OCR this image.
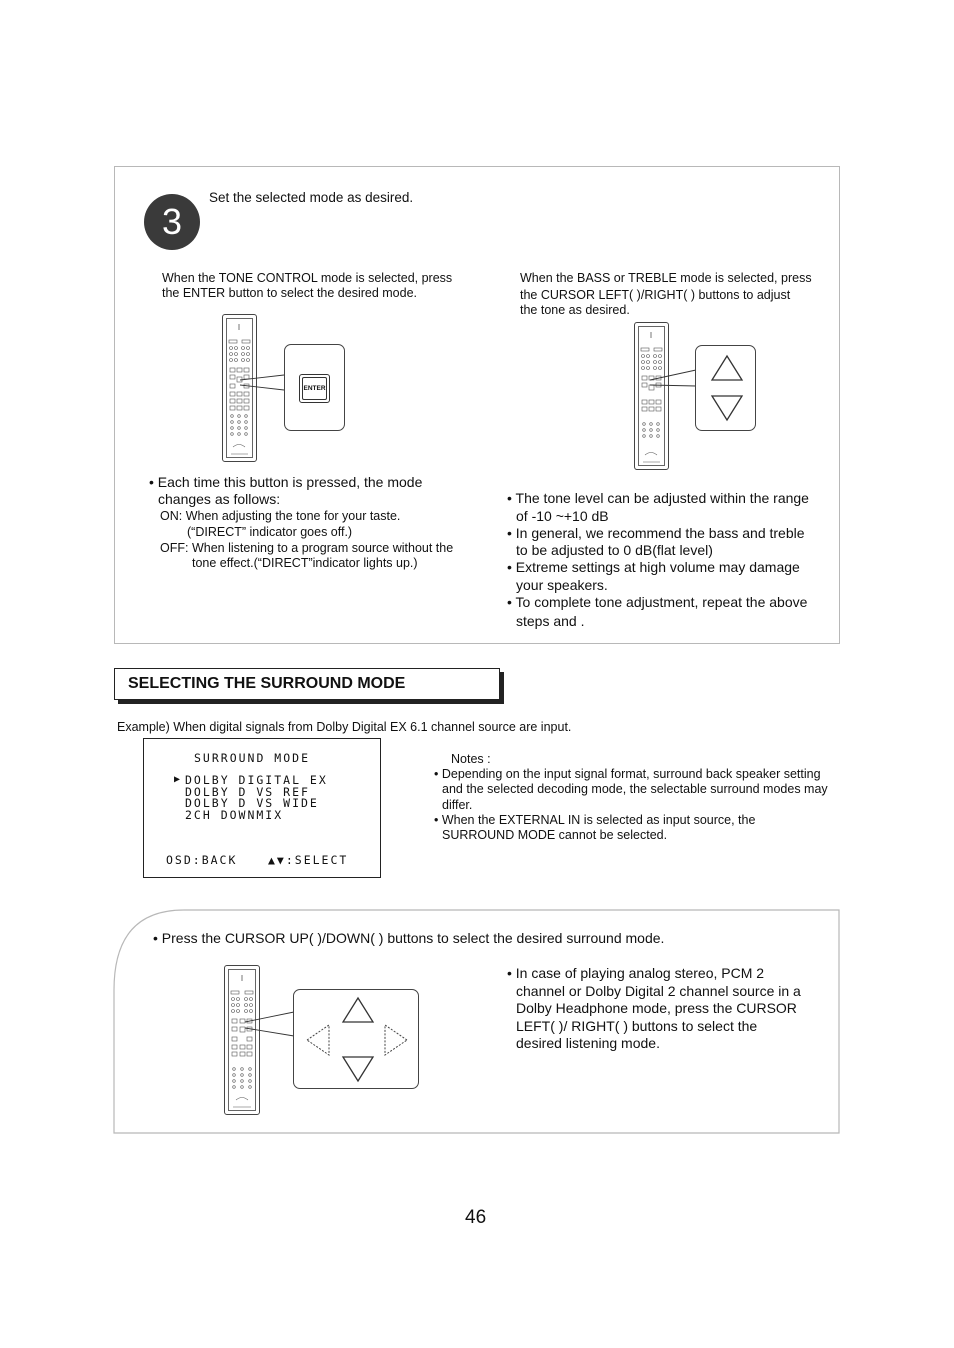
3
Set the selected mode as desired.
When the TONE CONTROL mode is selected, press
the ENTER button to select the desired mode.
ENTER
• Each time this button is pressed, the mode
changes as follows:
ON: When adjusting the tone for your taste.
(“DIRECT” indicator goes off.)
OFF: When listening to a program source without the
tone effect.(“DIRECT”indicator lights up.)
When the BASS or TREBLE mode is selected, press
the CURSOR LEFT( )/RIGHT( ) buttons to adjust
the tone as desired.
• The tone level can be adjusted within the range
of -10 ~+10 dB
• In general, we recommend the bass and treble
to be adjusted to 0 dB(flat level)
• Extreme settings at high volume may damage
your speakers.
• To complete tone adjustment, repeat the above
steps and .
SELECTING THE SURROUND MODE
Example) When digital signals from Dolby Digital EX 6.1 channel source are input.
SURROUND MODE
▶ DOLBY DIGITAL EX
DOLBY D VS REF
DOLBY D VS WIDE
2CH DOWNMIX
OSD:BACK	▲▼:SELECT
Notes :
• Depending on the input signal format, surround back speaker setting
and the selected decoding mode, the selectable surround modes may
differ.
• When the EXTERNAL IN is selected as input source, the
SURROUND MODE cannot be selected.
• Press the CURSOR UP( )/DOWN( ) buttons to select the desired surround mode.
• In case of playing analog stereo, PCM 2
channel or Dolby Digital 2 channel source in a
Dolby Headphone mode, press the CURSOR
LEFT( )/ RIGHT( ) buttons to select the
desired listening mode.
46
